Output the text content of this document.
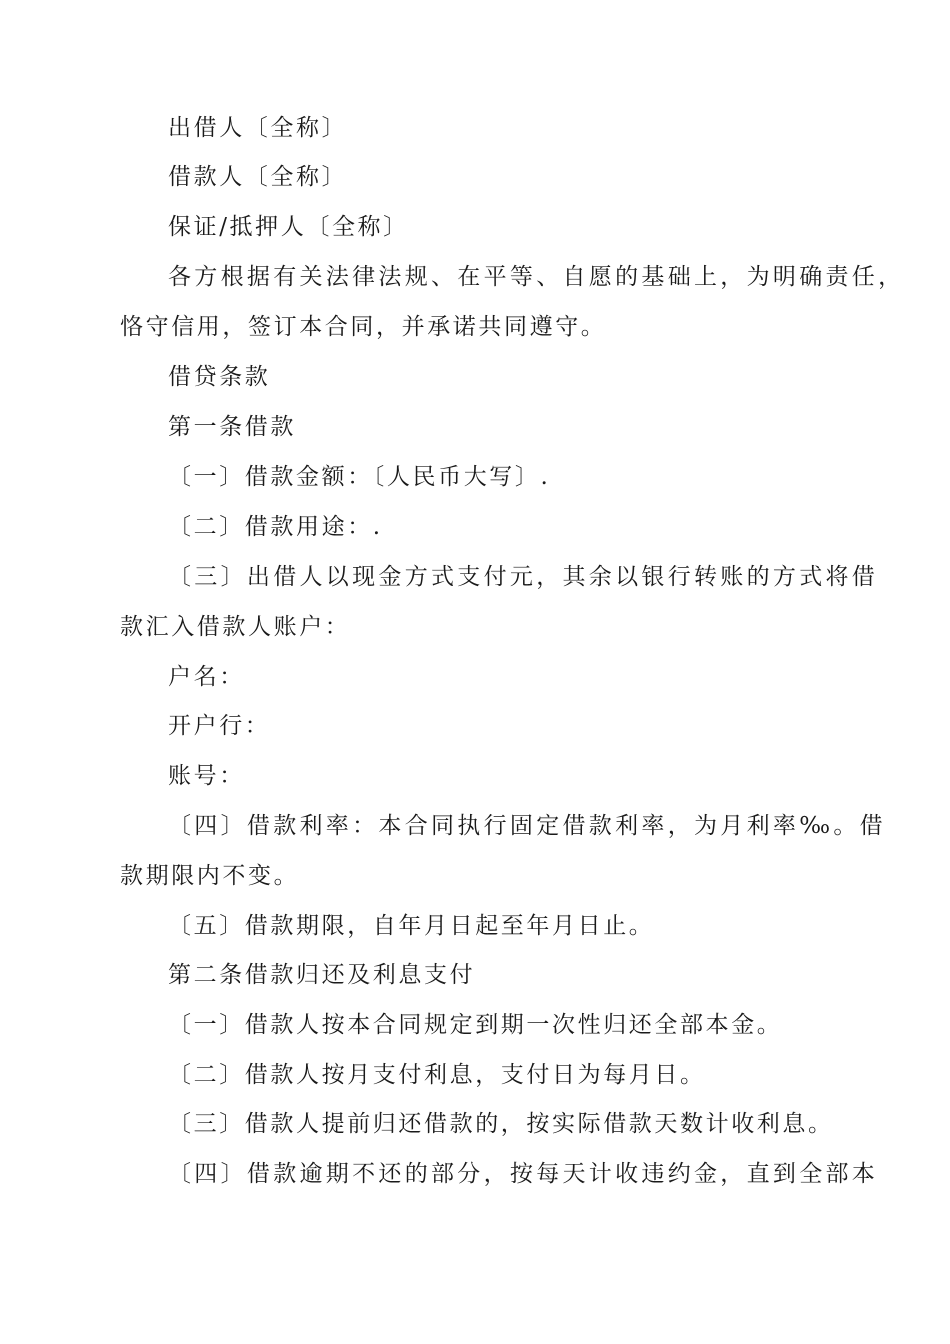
出借人〔全称〕
借款人〔全称〕
保证/抵押人〔全称〕
各方根据有关法律法规、在平等、自愿的基础上，为明确责任，
恪守信用，签订本合同，并承诺共同遵守。
借贷条款
第一条借款
〔一〕借款金额：〔人民币大写〕.
〔二〕借款用途：.
〔三〕出借人以现金方式支付元，其余以银行转账的方式将借
款汇入借款人账户：
户名：
开户行：
账号：
〔四〕借款利率：本合同执行固定借款利率，为月利率‰。借
款期限内不变。
〔五〕借款期限，自年月日起至年月日止。
第二条借款归还及利息支付
〔一〕借款人按本合同规定到期一次性归还全部本金。
〔二〕借款人按月支付利息，支付日为每月日。
〔三〕借款人提前归还借款的，按实际借款天数计收利息。
〔四〕借款逾期不还的部分，按每天计收违约金，直到全部本
